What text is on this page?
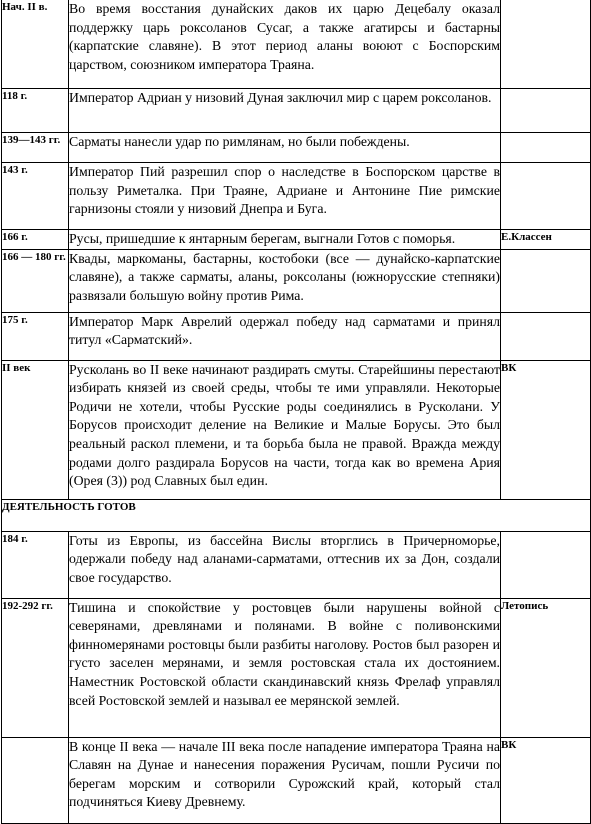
Нач. II в.	Во время восстания дунайских даков их царю Децебалу оказал поддержку царь роксоланов Сусаг, а также агатирсы и бастарны (карпатские славяне). В этот период аланы воюют с Боспорским царством, союзником императора Траяна.	
118 г.	Император Адриан у низовий Дуная заключил мир с царем роксоланов.	
139—143 гг.	Сарматы нанесли удар по римлянам, но были побеждены.	
143 г.	Император Пий разрешил спор о наследстве в Боспорском царстве в пользу Риметалка. При Траяне, Адриане и Антонине Пие римские гарнизоны стояли у низовий Днепра и Буга.	
166 г.	Русы, пришедшие к янтарным берегам, выгнали Готов с поморья.	Е.Классен
166 — 180 гг.	Квады, маркоманы, бастарны, костобоки (все — дунайско-карпатские славяне), а также сарматы, аланы, роксоланы (южнорусские степняки) развязали большую войну против Рима.	
175 г.	Император Марк Аврелий одержал победу над сарматами и принял титул «Сарматский».	
II век	Русколань во II веке начинают раздирать смуты. Старейшины перестают избирать князей из своей среды, чтобы те ими управляли. Некоторые Родичи не хотели, чтобы Русские роды соединялись в Русколани. У Борусов происходит деление на Великие и Малые Борусы. Это был реальный раскол племени, и та борьба была не правой. Вражда между родами долго раздирала Борусов на части, тогда как во времена Ария (Орея (3)) род Славных был един.	ВК
ДЕЯТЕЛЬНОСТЬ ГОТОВ		
184 г.	Готы из Европы, из бассейна Вислы вторглись в Причерноморье, одержали победу над аланами-сарматами, оттеснив их за Дон, создали свое государство.	
192-292 гг.	Тишина и спокойствие у ростовцев были нарушены войной с северянами, древлянами и полянами. В войне с поливонскими финномерянами ростовцы были разбиты наголову. Ростов был разорен и густо заселен мерянами, и земля ростовская стала их достоянием. Наместник Ростовской области скандинавский князь Фрелаф управлял всей Ростовской землей и называл ее мерянской землей.	Летопись
	В конце II века — начале III века после нападение императора Траяна на Славян на Дунае и нанесения поражения Русичам, пошли Русичи по берегам морским и сотворили Сурожский край, который стал подчиняться Киеву Древнему.	ВК
